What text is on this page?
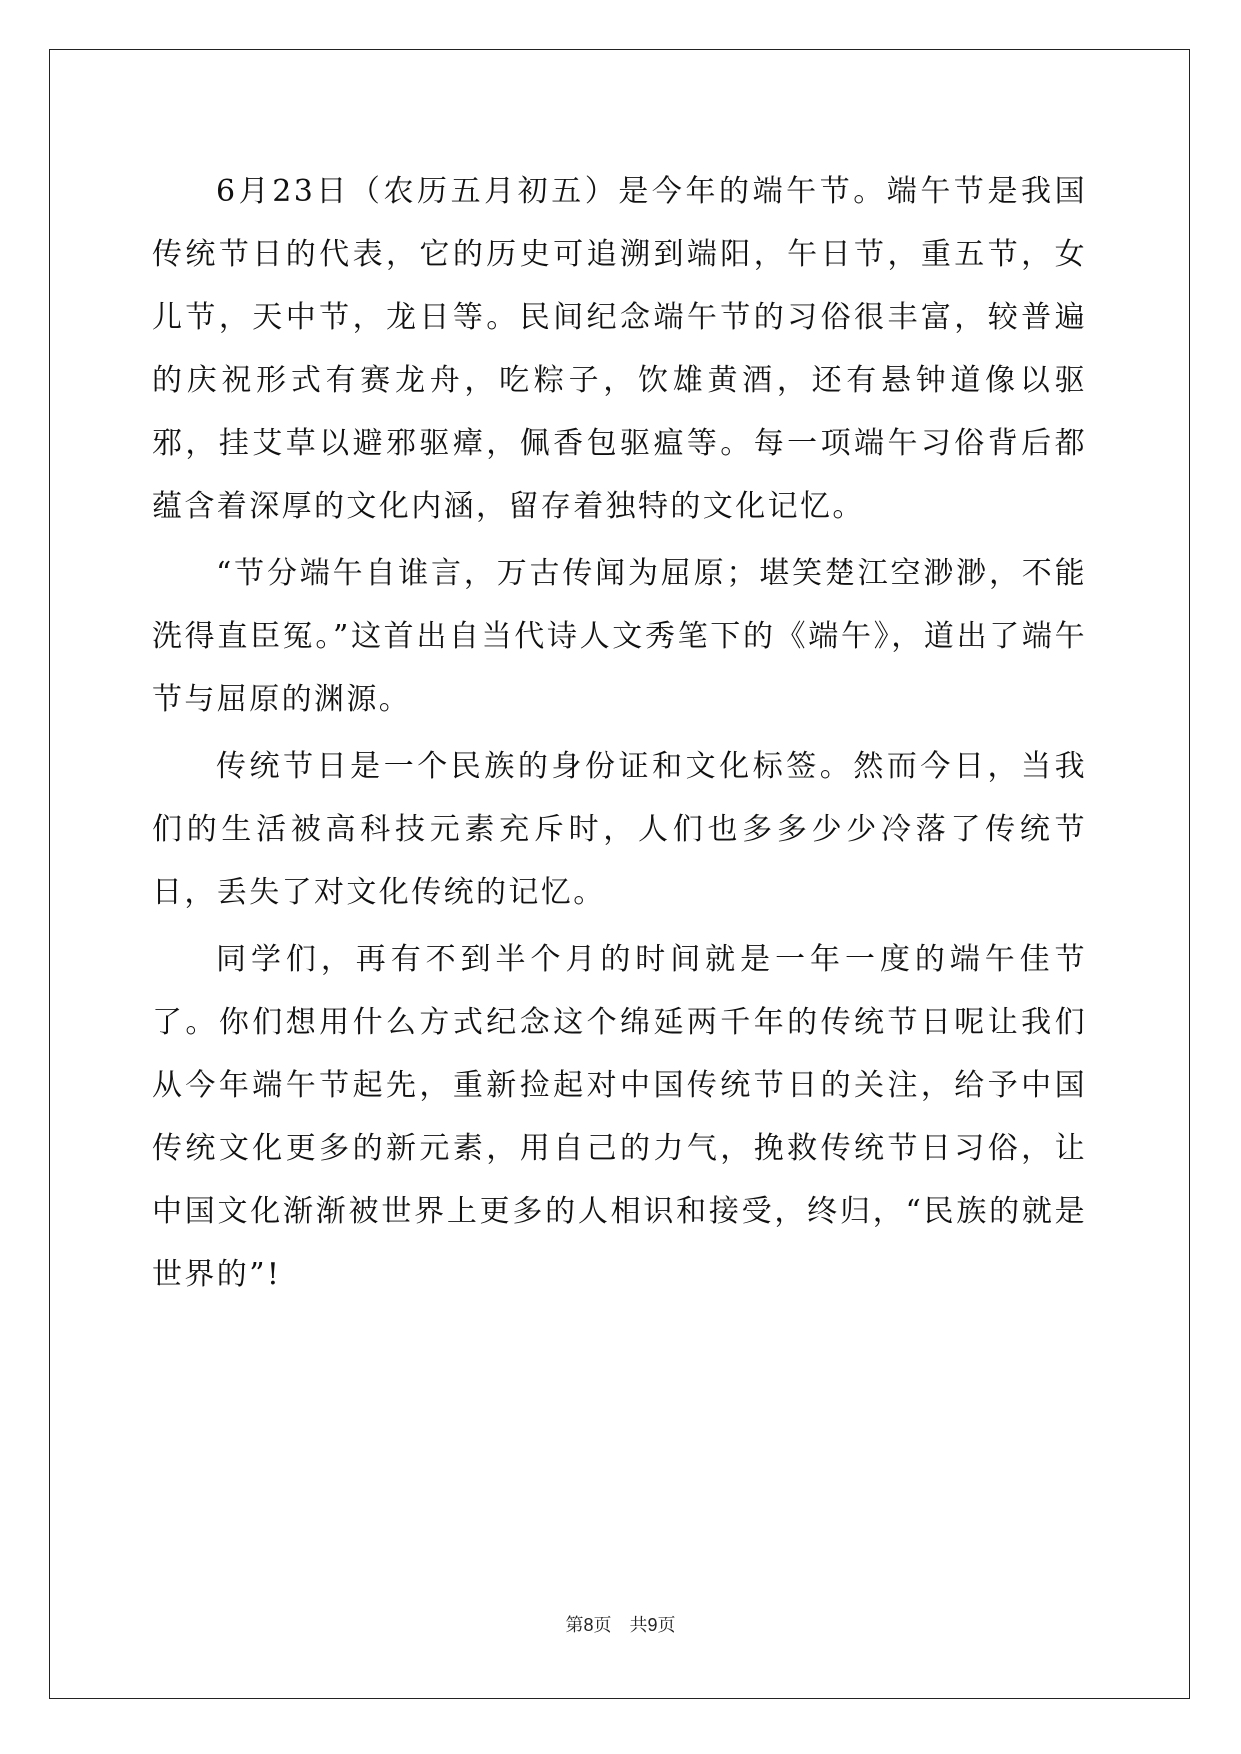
6月23日（农历五月初五）是今年的端午节。端午节是我国传统节日的代表，它的历史可追溯到端阳，午日节，重五节，女儿节，天中节，龙日等。民间纪念端午节的习俗很丰富，较普遍的庆祝形式有赛龙舟，吃粽子，饮雄黄酒，还有悬钟道像以驱邪，挂艾草以避邪驱瘴，佩香包驱瘟等。每一项端午习俗背后都蕴含着深厚的文化内涵，留存着独特的文化记忆。

“节分端午自谁言，万古传闻为屈原；堪笑楚江空渺渺，不能洗得直臣冤。”这首出自当代诗人文秀笔下的《端午》，道出了端午节与屈原的渊源。

传统节日是一个民族的身份证和文化标签。然而今日，当我们的生活被高科技元素充斥时，人们也多多少少冷落了传统节日，丢失了对文化传统的记忆。

同学们，再有不到半个月的时间就是一年一度的端午佳节了。你们想用什么方式纪念这个绵延两千年的传统节日呢让我们从今年端午节起先，重新捡起对中国传统节日的关注，给予中国传统文化更多的新元素，用自己的力气，挽救传统节日习俗，让中国文化渐渐被世界上更多的人相识和接受，终归，“民族的就是世界的”!

第8页 共9页
